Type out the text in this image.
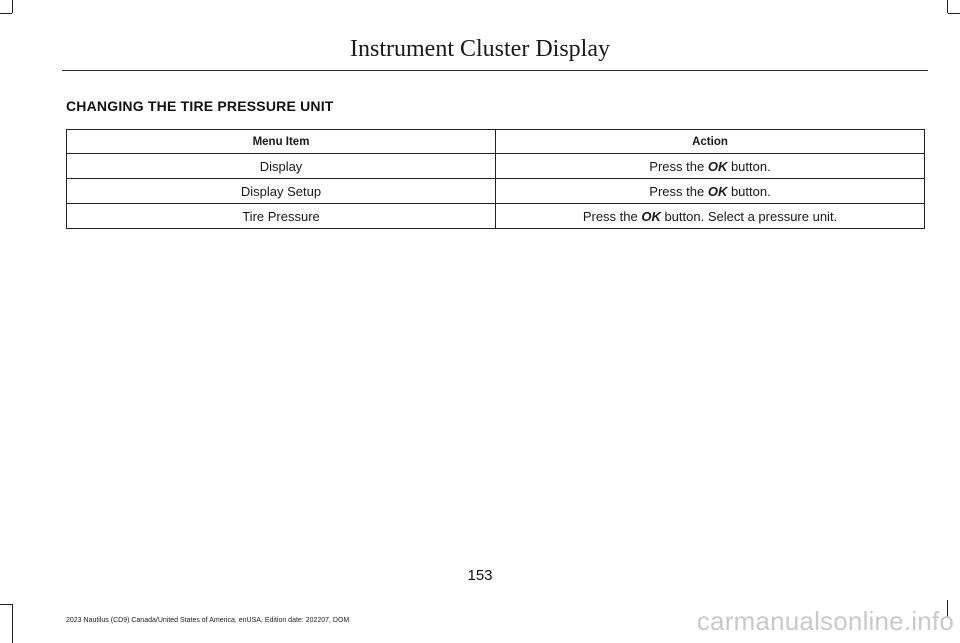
Instrument Cluster Display
CHANGING THE TIRE PRESSURE UNIT
Menu Item	Action
Display	Press the OK button.
Display Setup	Press the OK button.
Tire Pressure	Press the OK button. Select a pressure unit.
153
2023 Nautilus (CD9) Canada/United States of America, enUSA, Edition date: 202207, DOM	carmanualsonline.info
